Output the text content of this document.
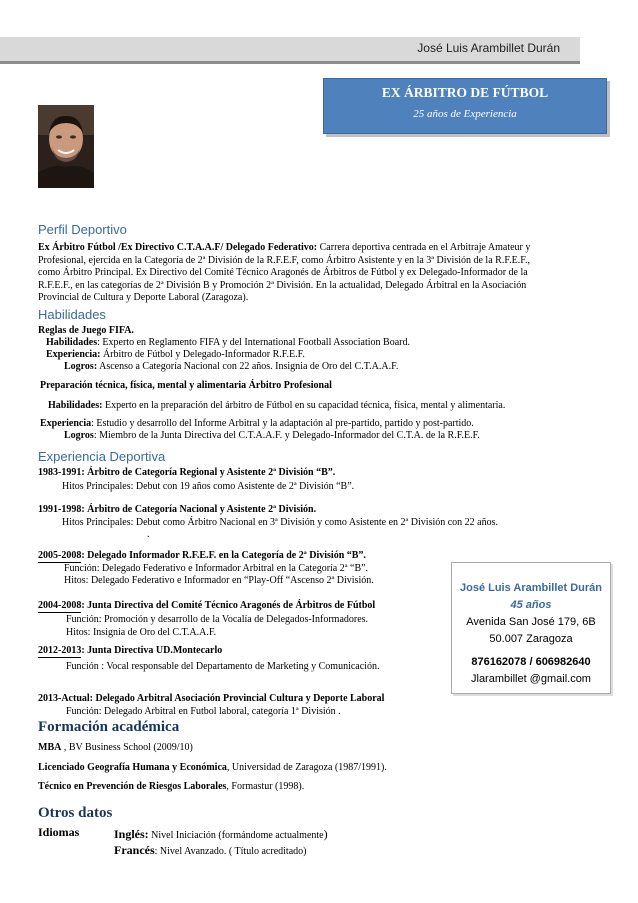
José Luis Arambillet Durán
EX ÁRBITRO DE FÚTBOL
25 años de Experiencia
Perfil Deportivo
Ex Árbitro Fútbol /Ex Directivo C.T.A.A.F/ Delegado Federativo: Carrera deportiva centrada en el Arbitraje Amateur y
Profesional, ejercida en la Categoría de 2ª División de la R.F.E.F, como Árbitro Asistente y en la 3ª División de la R.F.E.F.,
como Árbitro Principal. Ex Directivo del Comité Técnico Aragonés de Árbitros de Fútbol y ex Delegado-Informador de la
R.F.E.F., en las categorías de 2ª División B y Promoción 2ª División. En la actualidad, Delegado Árbitral en la Asociación
Provincial de Cultura y Deporte Laboral (Zaragoza).
Habilidades
Reglas de Juego FIFA.
Habilidades: Experto en Reglamento FIFA y del International Football Association Board.
Experiencia: Árbitro de Fútbol y Delegado-Informador R.F.E.F.
Logros: Ascenso a Categoría Nacional con 22 años. Insignia de Oro del C.T.A.A.F.
Preparación técnica, física, mental y alimentaria Árbitro Profesional
Habilidades: Experto en la preparación del árbitro de Fútbol en su capacidad técnica, física, mental y alimentaria.
Experiencia: Estudio y desarrollo del Informe Arbitral y la adaptación al pre-partido, partido y post-partido.
Logros: Miembro de la Junta Directiva del C.T.A.A.F. y Delegado-Informador del C.T.A. de la R.F.E.F.
Experiencia Deportiva
1983-1991: Árbitro de Categoría Regional y Asistente 2ª División “B”.
Hitos Principales: Debut con 19 años como Asistente de 2ª División “B”.
1991-1998: Árbitro de Categoría Nacional y Asistente 2ª División.
Hitos Principales: Debut como Árbitro Nacional en 3ª División y como Asistente en 2ª División con 22 años.
.
2005-2008: Delegado Informador R.F.E.F. en la Categoría de 2ª División “B”.
Función: Delegado Federativo e Informador Arbitral en la Categoría 2ª “B”.
Hitos: Delegado Federativo e Informador en “Play-Off “Ascenso 2ª División.
2004-2008: Junta Directiva del Comité Técnico Aragonés de Árbitros de Fútbol
Función: Promoción y desarrollo de la Vocalía de Delegados-Informadores.
Hitos: Insignia de Oro del C.T.A.A.F.
2012-2013: Junta Directiva UD.Montecarlo
Función : Vocal responsable del Departamento de Marketing y Comunicación.
2013-Actual: Delegado Arbitral Asociación Provincial Cultura y Deporte Laboral
Función: Delegado Arbitral en Futbol laboral, categoría 1ª División .
José Luis Arambillet Durán
45 años
Avenida San José 179, 6B
50.007 Zaragoza
876162078 / 606982640
Jlarambillet @gmail.com
Formación académica
MBA , BV Business School (2009/10)
Licenciado Geografía Humana y Económica, Universidad de Zaragoza (1987/1991).
Técnico en Prevención de Riesgos Laborales, Formastur (1998).
Otros datos
Idiomas	Inglés: Nivel Iniciación (formándome actualmente)
Francés: Nivel Avanzado. ( Título acreditado)
